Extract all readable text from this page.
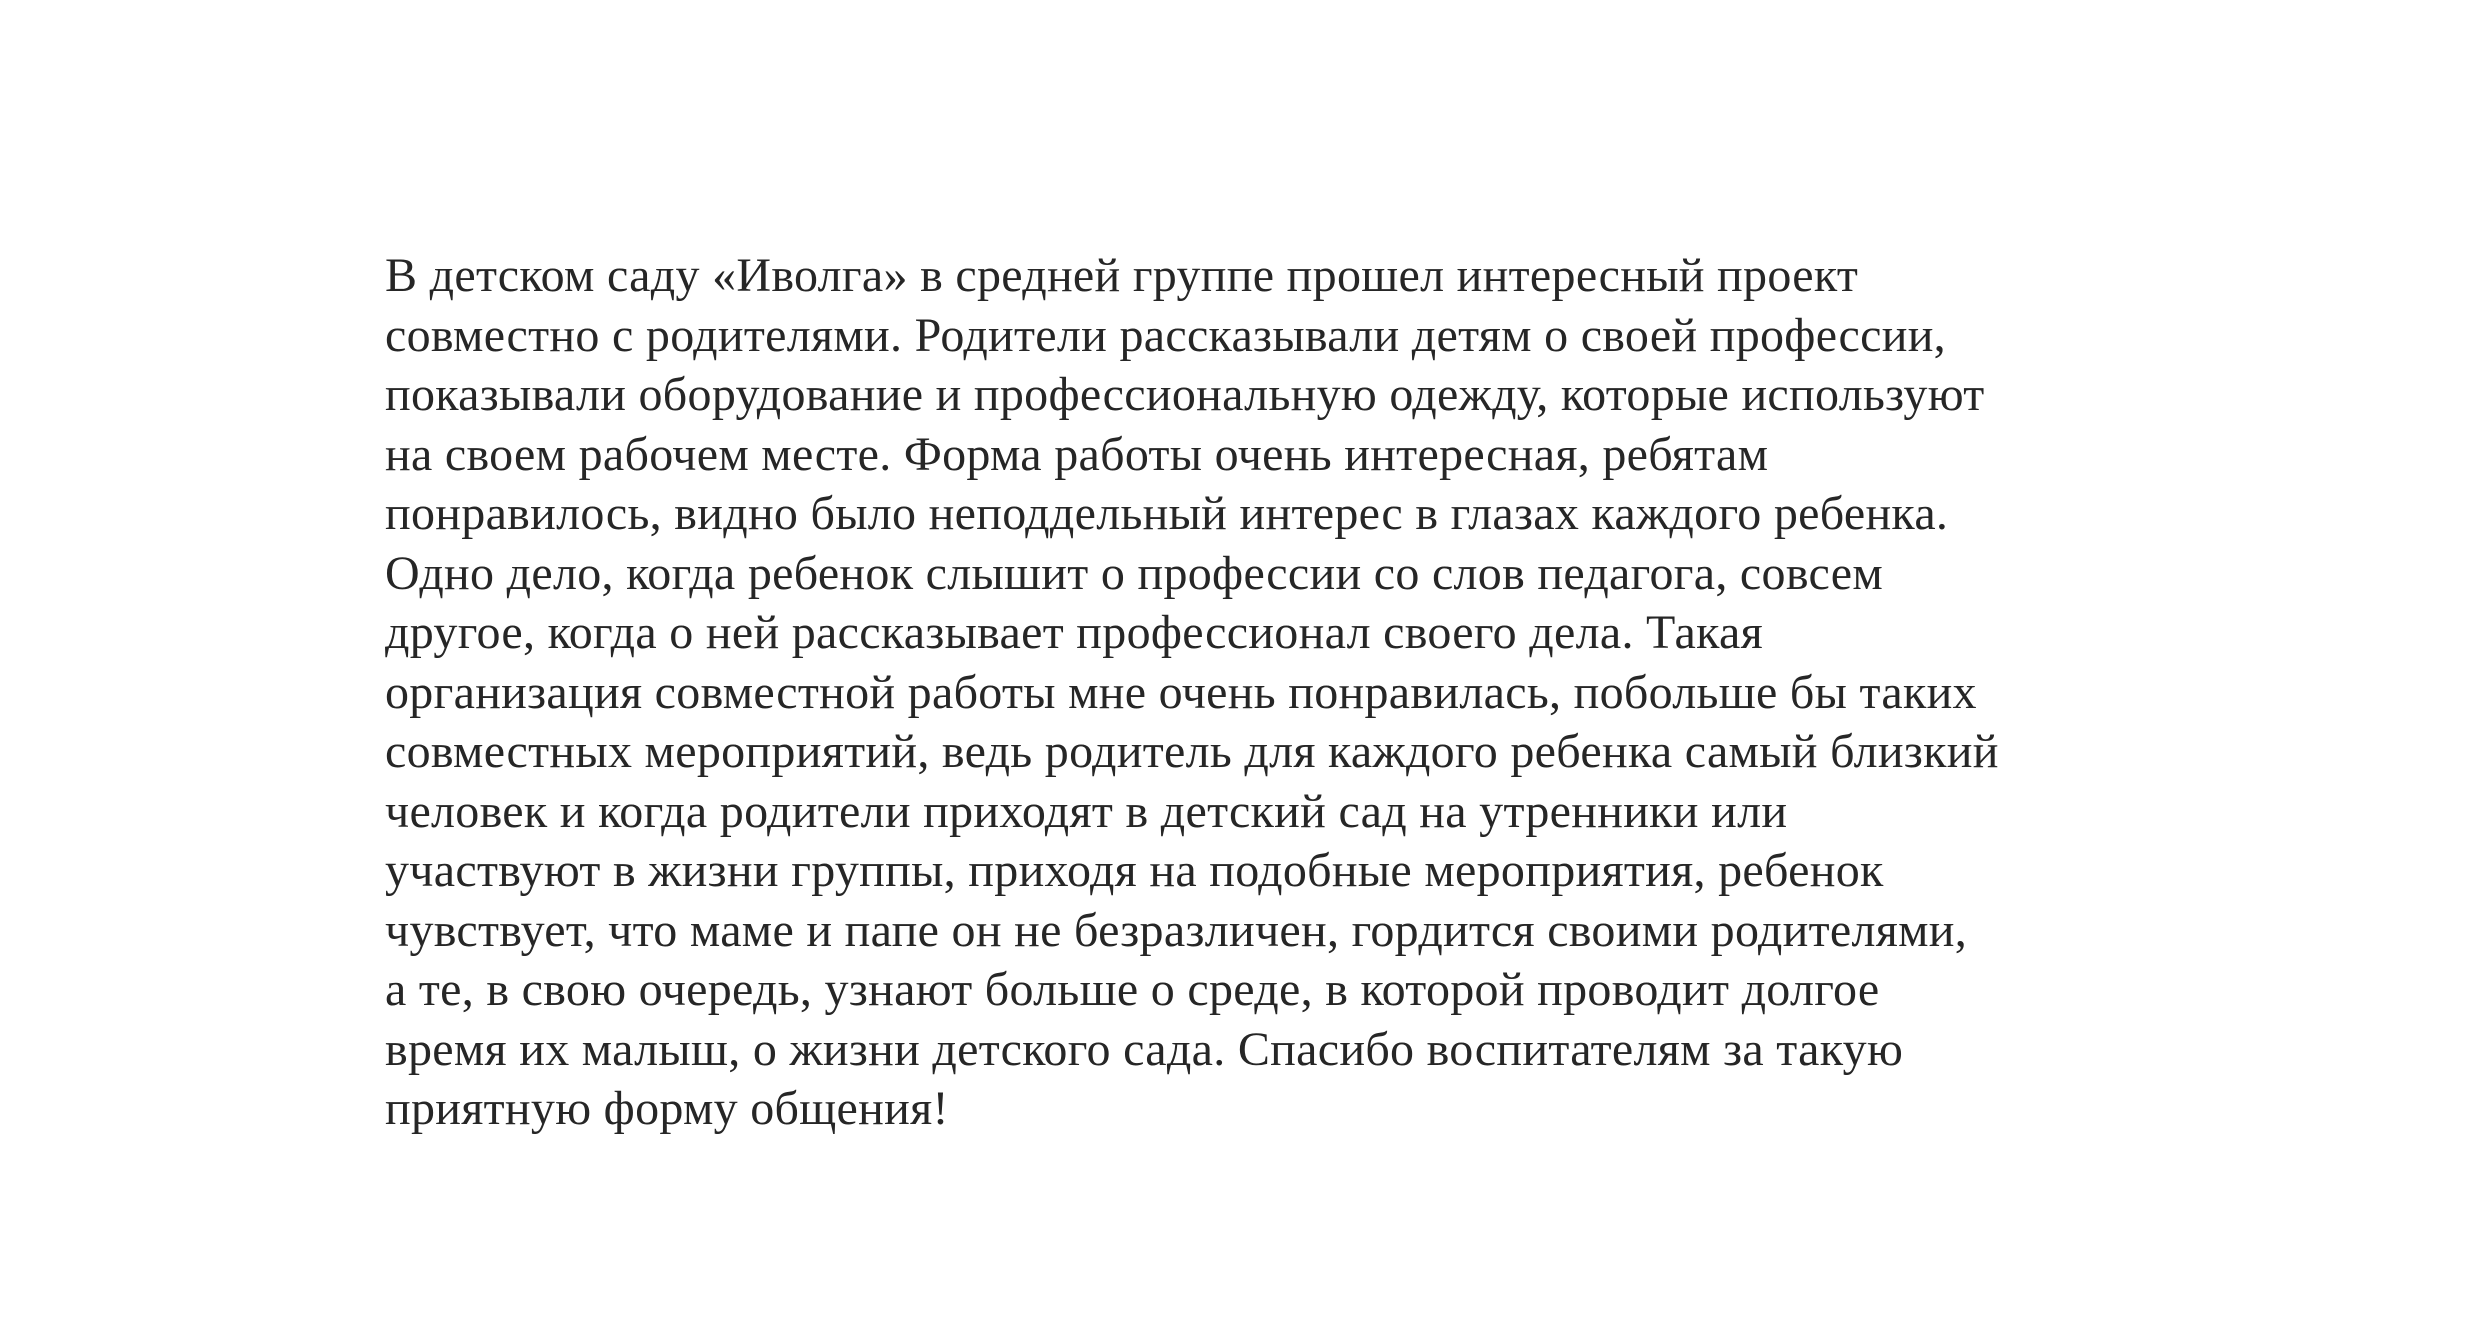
В детском саду «Иволга» в средней группе прошел интересный проект
совместно с родителями. Родители рассказывали детям о своей профессии,
показывали оборудование и профессиональную одежду, которые используют
на своем рабочем месте. Форма работы очень интересная, ребятам
понравилось, видно было неподдельный интерес в глазах каждого ребенка.
Одно дело, когда ребенок слышит о профессии со слов педагога, совсем
другое, когда о ней рассказывает профессионал своего дела. Такая
организация совместной работы мне очень понравилась, побольше бы таких
совместных мероприятий, ведь родитель для каждого ребенка самый близкий
человек и когда родители приходят в детский сад на утренники или
участвуют в жизни группы, приходя на подобные мероприятия, ребенок
чувствует, что маме и папе он не безразличен, гордится своими родителями,
а те, в свою очередь, узнают больше о среде, в которой проводит долгое
время их малыш, о жизни детского сада. Спасибо воспитателям за такую
приятную форму общения!
